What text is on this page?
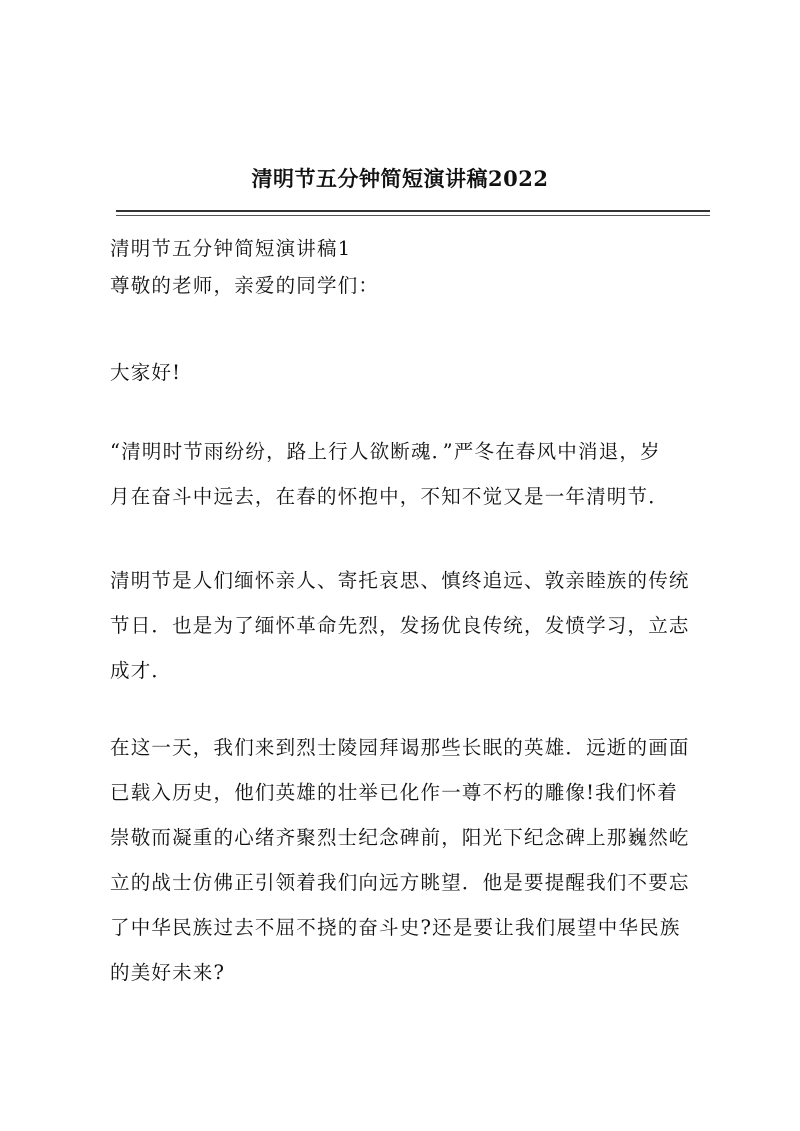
清明节五分钟简短演讲稿2022
清明节五分钟简短演讲稿1
尊敬的老师，亲爱的同学们：
大家好!
“清明时节雨纷纷，路上行人欲断魂．”严冬在春风中消退，岁
月在奋斗中远去，在春的怀抱中，不知不觉又是一年清明节．
清明节是人们缅怀亲人、寄托哀思、慎终追远、敦亲睦族的传统
节日．也是为了缅怀革命先烈，发扬优良传统，发愤学习，立志
成才．
在这一天，我们来到烈士陵园拜谒那些长眠的英雄．远逝的画面
已载入历史，他们英雄的壮举已化作一尊不朽的雕像!我们怀着
崇敬而凝重的心绪齐聚烈士纪念碑前，阳光下纪念碑上那巍然屹
立的战士仿佛正引领着我们向远方眺望．他是要提醒我们不要忘
了中华民族过去不屈不挠的奋斗史?还是要让我们展望中华民族
的美好未来?
